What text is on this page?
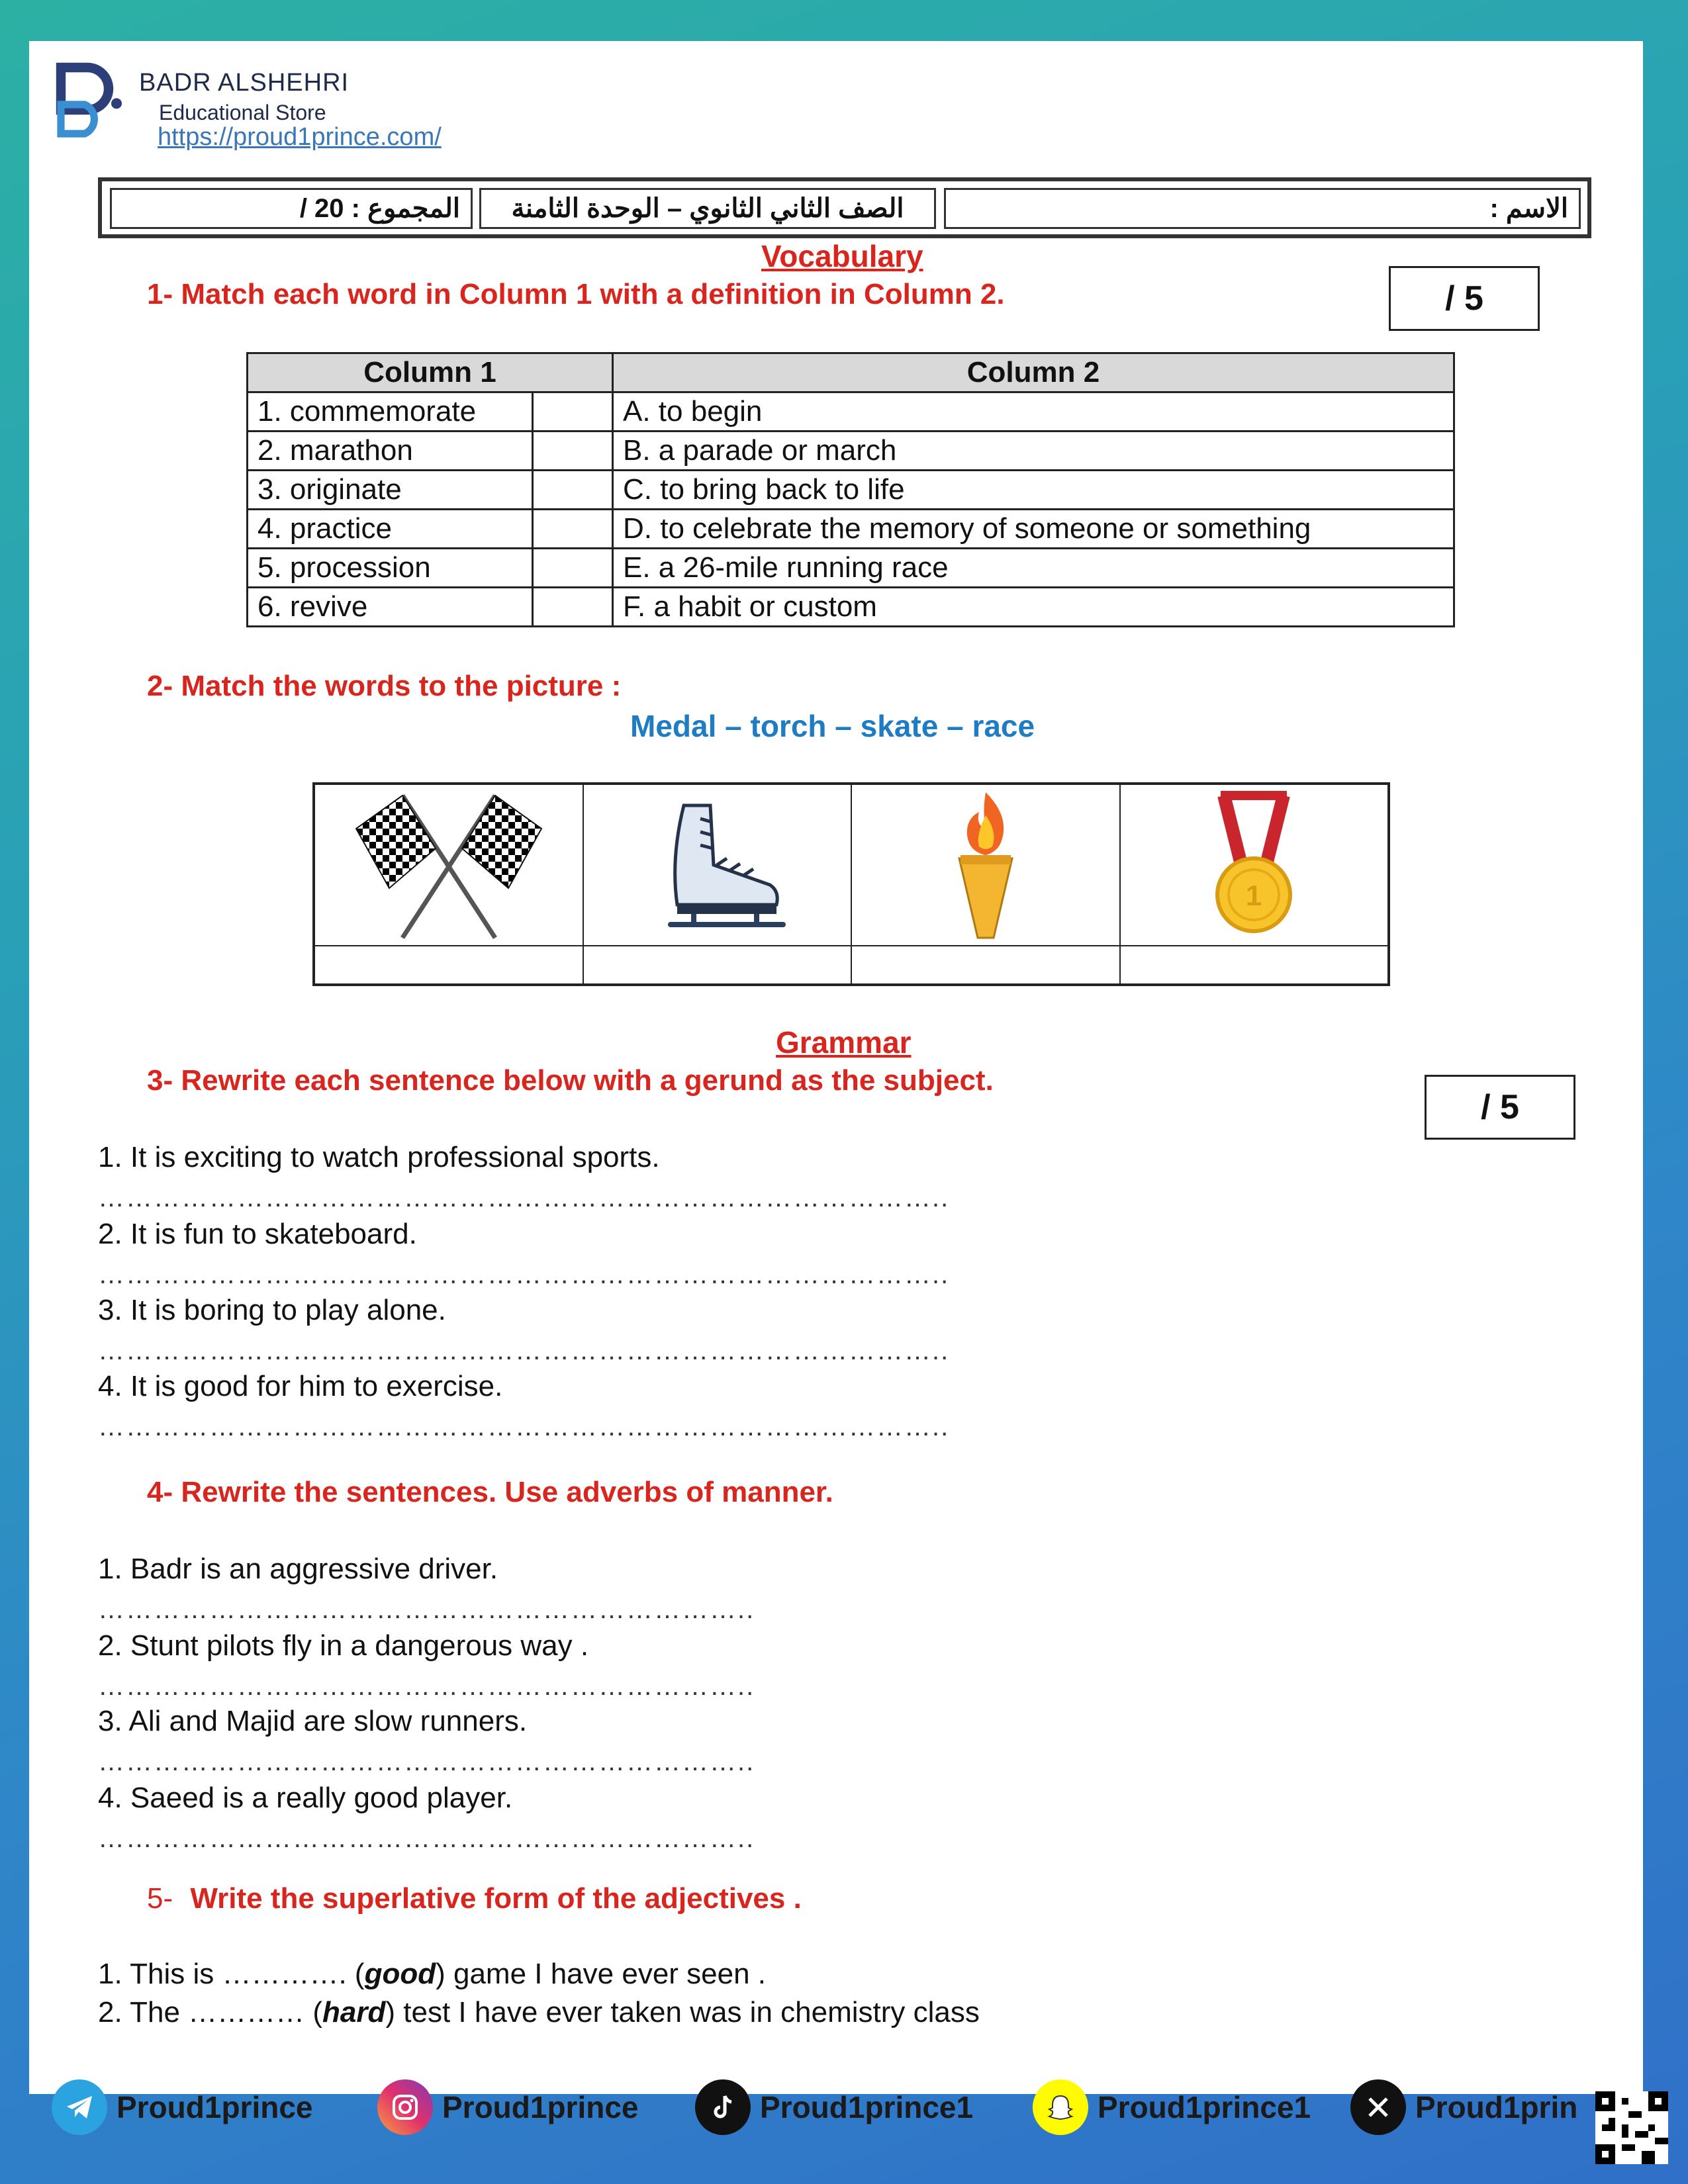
BADR ALSHEHRI
Educational Store
https://proud1prince.com/
المجموع : 20 / الصف الثاني الثانوي – الوحدة الثامنة	الاسم :
Vocabulary
1- Match each word in Column 1 with a definition in Column 2.	/ 5
Column 1		Column 2
1. commemorate		A. to begin
2. marathon		B. a parade or march
3. originate		C. to bring back to life
4. practice		D. to celebrate the memory of someone or something
5. procession		E. a 26-mile running race
6. revive		F. a habit or custom
2- Match the words to the picture :
Medal – torch – skate – race
1
Grammar
3- Rewrite each sentence below with a gerund as the subject.
/ 5
1. It is exciting to watch professional sports.
………………………………………………………………………………..
2. It is fun to skateboard.
………………………………………………………………………………..
3. It is boring to play alone.
………………………………………………………………………………..
4. It is good for him to exercise.
………………………………………………………………………………..
4- Rewrite the sentences. Use adverbs of manner.
1. Badr is an aggressive driver.
……………………………………………………………..
2. Stunt pilots fly in a dangerous way .
……………………………………………………………..
3. Ali and Majid are slow runners.
……………………………………………………………..
4. Saeed is a really good player.
……………………………………………………………..
5- Write the superlative form of the adjectives .
1. This is …………. (good) game I have ever seen .
2. The ………… (hard) test I have ever taken was in chemistry class
Proud1prince	Proud1prince	Proud1prince1	Proud1prince1	Proud1prin
